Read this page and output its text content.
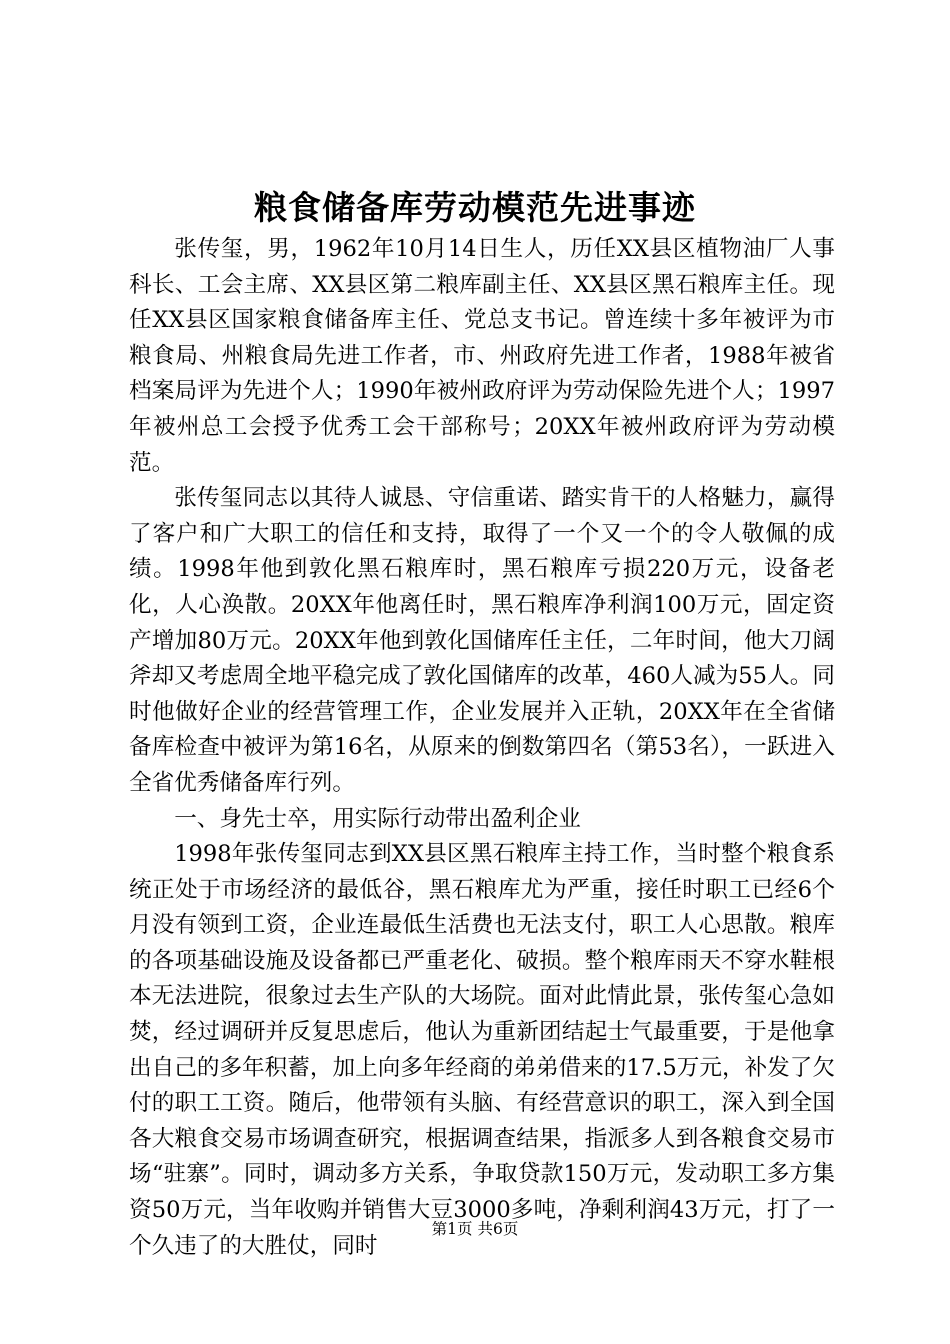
粮食储备库劳动模范先进事迹

张传玺，男，1962年10月14日生人，历任XX县区植物油厂人事科长、工会主席、XX县区第二粮库副主任、XX县区黑石粮库主任。现任XX县区国家粮食储备库主任、党总支书记。曾连续十多年被评为市粮食局、州粮食局先进工作者，市、州政府先进工作者，1988年被省档案局评为先进个人；1990年被州政府评为劳动保险先进个人；1997年被州总工会授予优秀工会干部称号；20XX年被州政府评为劳动模范。

张传玺同志以其待人诚恳、守信重诺、踏实肯干的人格魅力，赢得了客户和广大职工的信任和支持，取得了一个又一个的令人敬佩的成绩。1998年他到敦化黑石粮库时，黑石粮库亏损220万元，设备老化，人心涣散。20XX年他离任时，黑石粮库净利润100万元，固定资产增加80万元。20XX年他到敦化国储库任主任，二年时间，他大刀阔斧却又考虑周全地平稳完成了敦化国储库的改革，460人减为55人。同时他做好企业的经营管理工作，企业发展并入正轨，20XX年在全省储备库检查中被评为第16名，从原来的倒数第四名（第53名），一跃进入全省优秀储备库行列。

一、身先士卒，用实际行动带出盈利企业

1998年张传玺同志到XX县区黑石粮库主持工作，当时整个粮食系统正处于市场经济的最低谷，黑石粮库尤为严重，接任时职工已经6个月没有领到工资，企业连最低生活费也无法支付，职工人心思散。粮库的各项基础设施及设备都已严重老化、破损。整个粮库雨天不穿水鞋根本无法进院，很象过去生产队的大场院。面对此情此景，张传玺心急如焚，经过调研并反复思虑后，他认为重新团结起士气最重要，于是他拿出自己的多年积蓄，加上向多年经商的弟弟借来的17.5万元，补发了欠付的职工工资。随后，他带领有头脑、有经营意识的职工，深入到全国各大粮食交易市场调查研究，根据调查结果，指派多人到各粮食交易市场“驻寨”。同时，调动多方关系，争取贷款150万元，发动职工多方集资50万元，当年收购并销售大豆3000多吨，净剩利润43万元，打了一个久违了的大胜仗，同时

第1页 共6页
